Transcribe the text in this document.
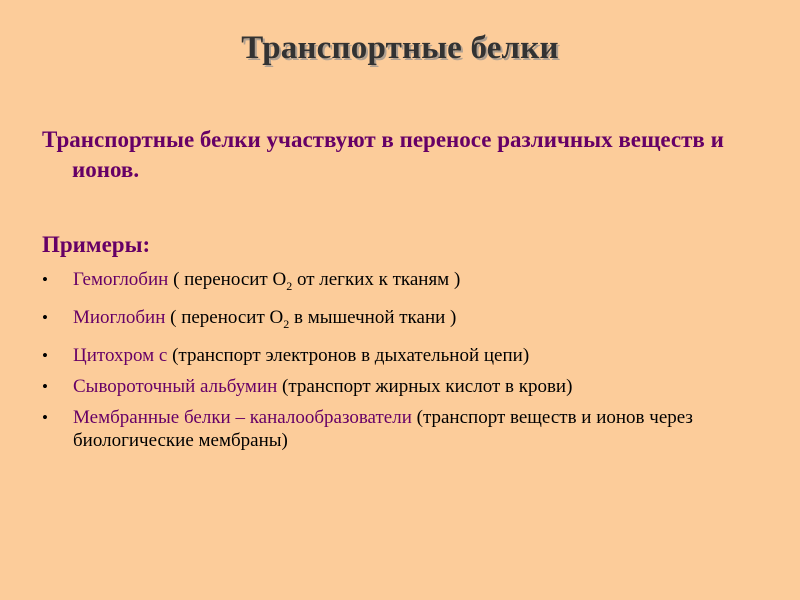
Транспортные белки
Транспортные белки участвуют в переносе различных веществ и ионов.
Примеры:
• Гемоглобин ( переносит $O_2$ от легких к тканям )
• Миоглобин ( переносит $O_2$ в мышечной ткани )
• Цитохром с (транспорт электронов в дыхательной цепи)
• Сывороточный альбумин (транспорт жирных кислот в крови)
• Мембранные белки – каналообразователи (транспорт веществ и ионов через биологические мембраны)
